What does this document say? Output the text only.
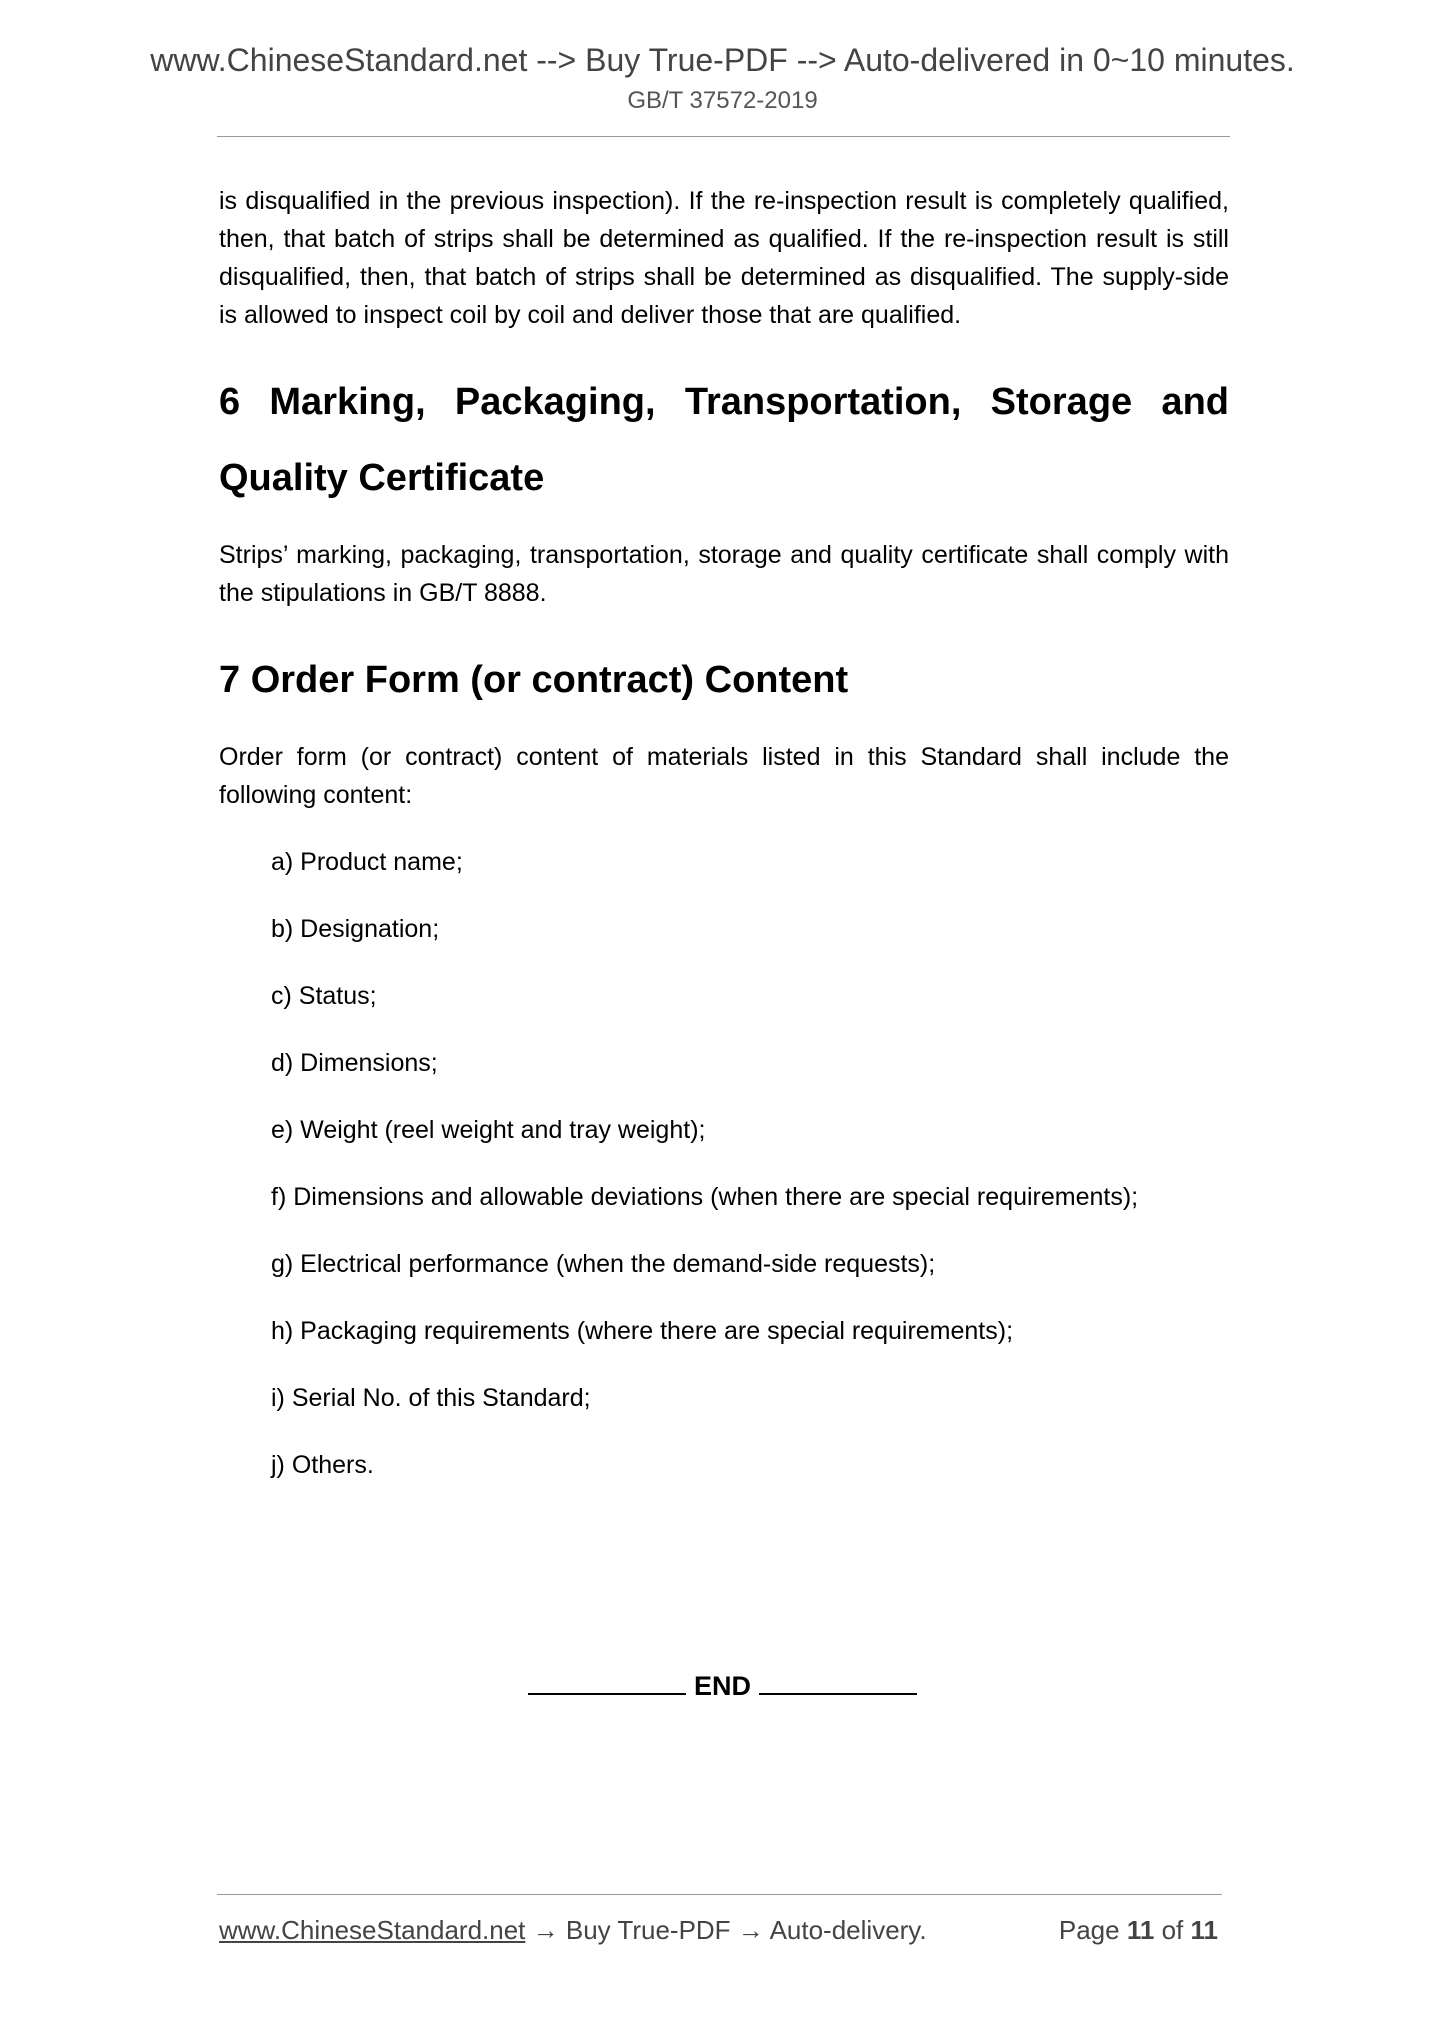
www.ChineseStandard.net --> Buy True-PDF --> Auto-delivered in 0~10 minutes.
GB/T 37572-2019

is disqualified in the previous inspection). If the re-inspection result is completely qualified, then, that batch of strips shall be determined as qualified. If the re-inspection result is still disqualified, then, that batch of strips shall be determined as disqualified. The supply-side is allowed to inspect coil by coil and deliver those that are qualified.

6 Marking, Packaging, Transportation, Storage and
Quality Certificate

Strips’ marking, packaging, transportation, storage and quality certificate shall comply with the stipulations in GB/T 8888.

7 Order Form (or contract) Content

Order form (or contract) content of materials listed in this Standard shall include the following content:

a) Product name;
b) Designation;
c) Status;
d) Dimensions;
e) Weight (reel weight and tray weight);
f) Dimensions and allowable deviations (when there are special requirements);
g) Electrical performance (when the demand-side requests);
h) Packaging requirements (where there are special requirements);
i) Serial No. of this Standard;
j) Others.
END
www.ChineseStandard.net → Buy True-PDF → Auto-delivery.	Page 11 of 11
